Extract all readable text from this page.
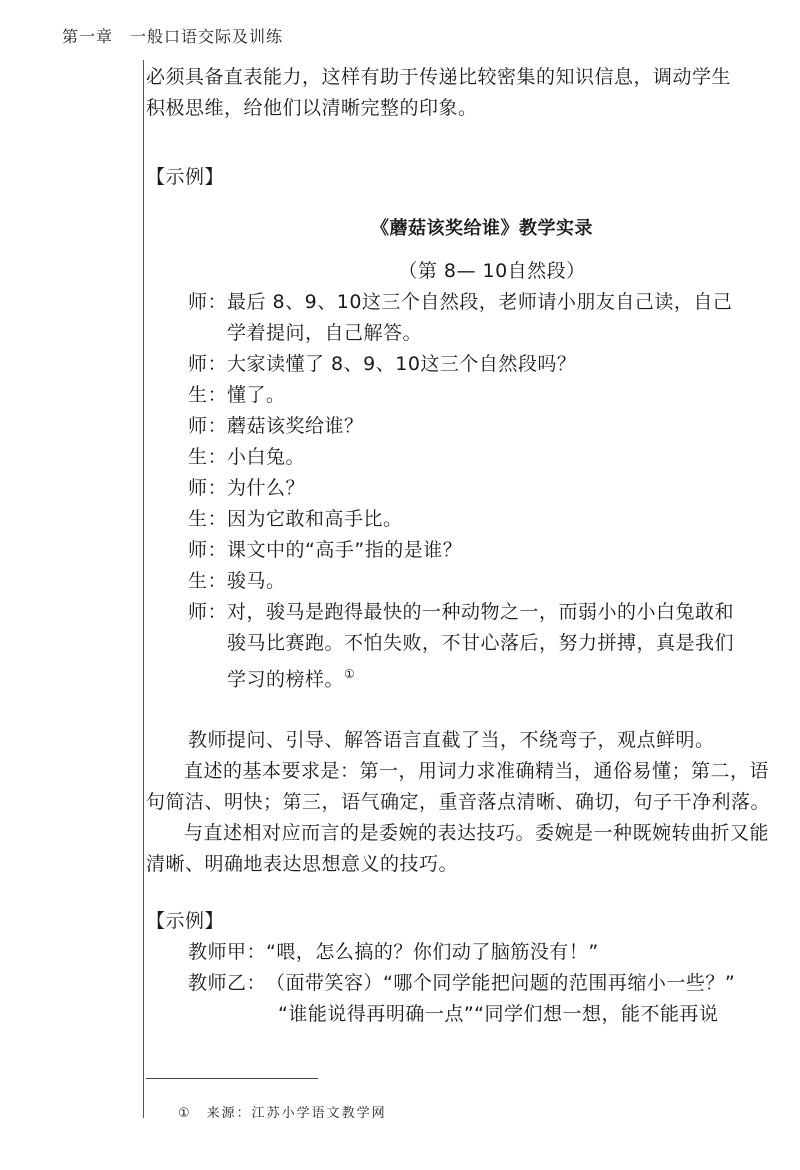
第一章　一般口语交际及训练

必须具备直表能力，这样有助于传递比较密集的知识信息，调动学生

积极思维，给他们以清晰完整的印象。

【示例】
《蘑菇该奖给谁》教学实录
（第 8— 10自然段）
师： 最后 8、9、10这三个自然段，老师请小朋友自己读，自己
学着提问，自己解答。
师： 大家读懂了 8、9、10这三个自然段吗？
生： 懂了。
师： 蘑菇该奖给谁？
生： 小白兔。
师： 为什么？
生： 因为它敢和高手比。
师： 课文中的“高手”指的是谁？
生： 骏马。
师： 对，骏马是跑得最快的一种动物之一，而弱小的小白兔敢和
骏马比赛跑。不怕失败，不甘心落后，努力拼搏，真是我们
学习的榜样。①

教师提问、引导、解答语言直截了当，不绕弯子，观点鲜明。

直述的基本要求是：第一，用词力求准确精当，通俗易懂；第二，语句简洁、明快；第三，语气确定，重音落点清晰、确切，句子干净利落。

与直述相对应而言的是委婉的表达技巧。委婉是一种既婉转曲折又能清晰、明确地表达思想意义的技巧。

【示例】
教师甲： “喂，怎么搞的？你们动了脑筋没有！”
教师乙： （面带笑容）“哪个同学能把问题的范围再缩小一些？”
“谁能说得再明确一点”“同学们想一想，能不能再说
①　来源：江苏小学语文教学网
